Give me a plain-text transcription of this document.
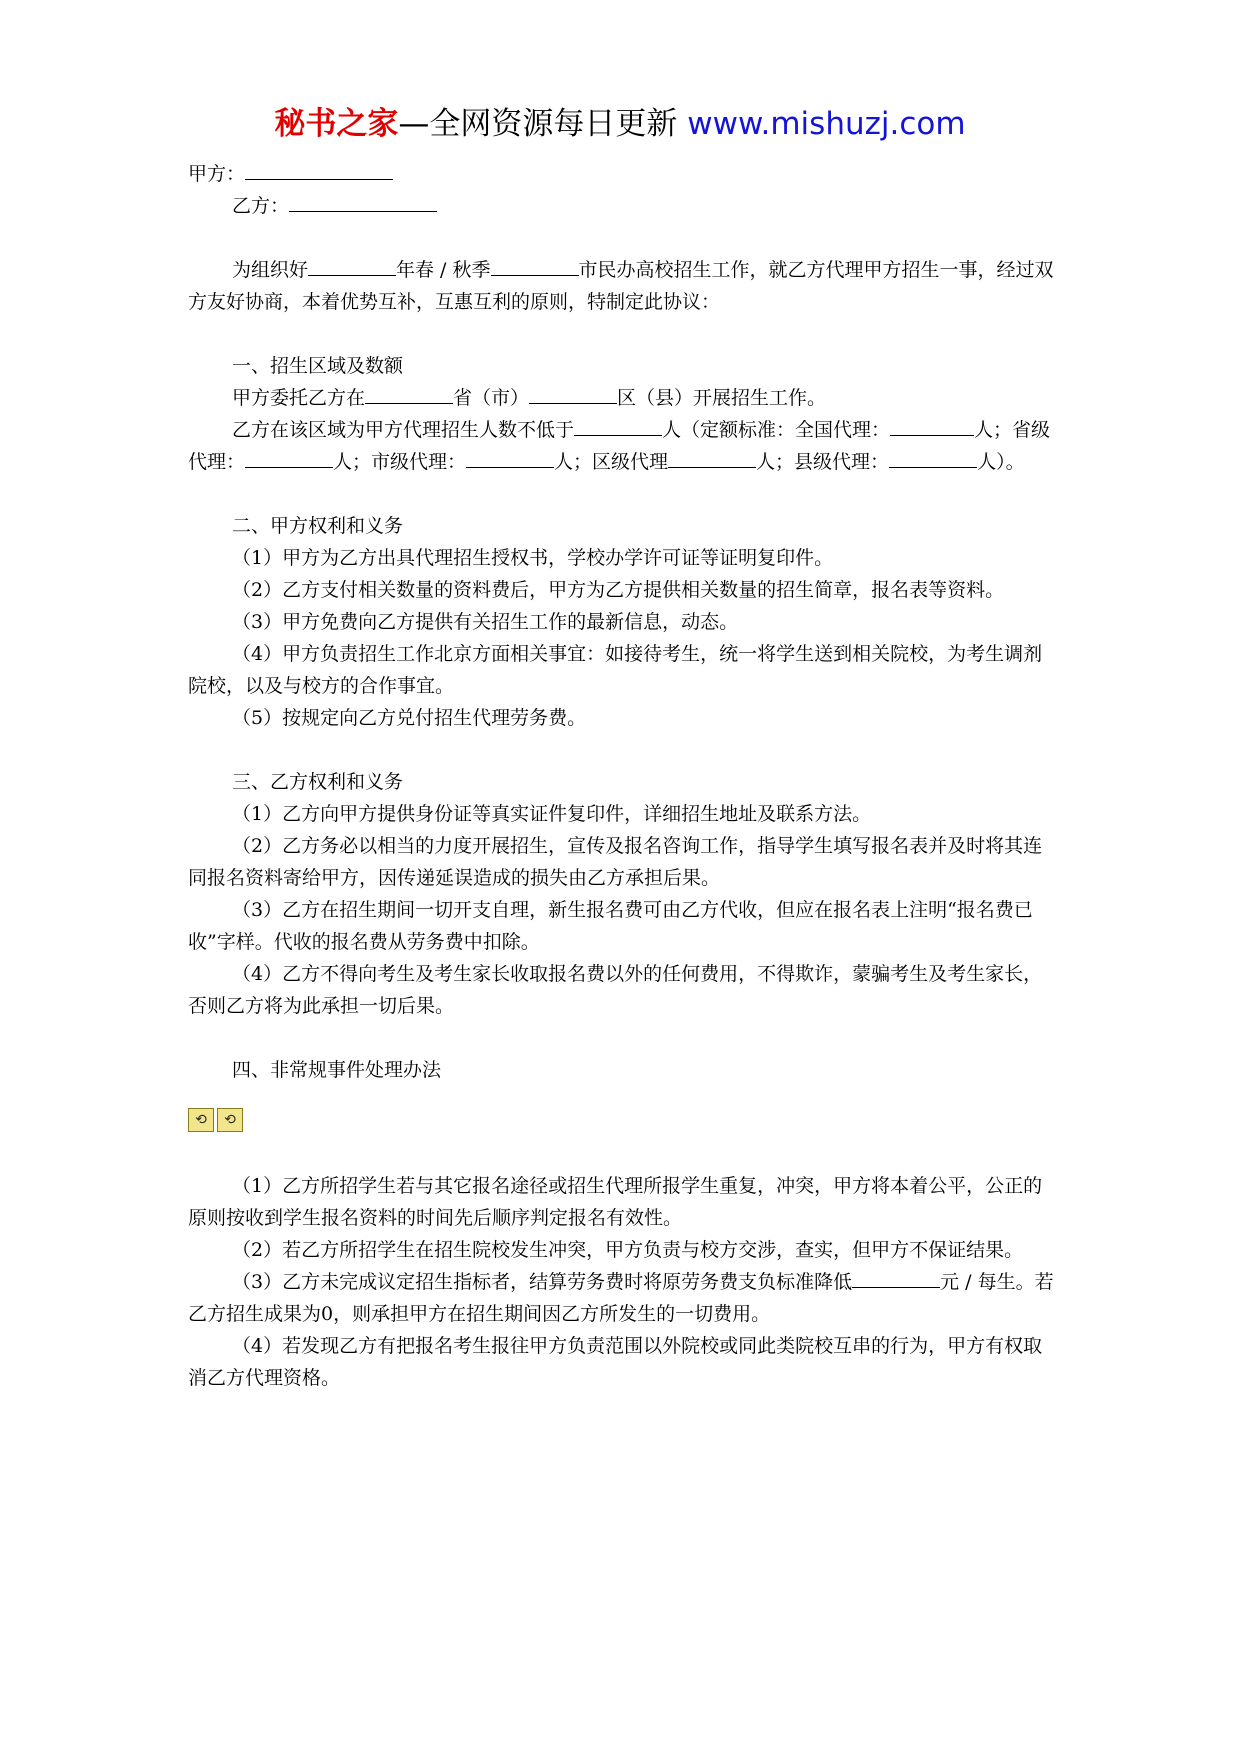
秘书之家—全网资源每日更新 www.mishuzj.com

甲方：

乙方：

为组织好	年春 / 秋季	市民办高校招生工作，就乙方代理甲方招生一事，经过双方友好协商，本着优势互补，互惠互利的原则，特制定此协议：

一、招生区域及数额

甲方委托乙方在	省（市）	区（县）开展招生工作。

乙方在该区域为甲方代理招生人数不低于	人（定额标准：全国代理：	人；省级代理：	人；市级代理：	人；区级代理	人；县级代理：	人）。

二、甲方权利和义务

（1）甲方为乙方出具代理招生授权书，学校办学许可证等证明复印件。

（2）乙方支付相关数量的资料费后，甲方为乙方提供相关数量的招生简章，报名表等资料。

（3）甲方免费向乙方提供有关招生工作的最新信息，动态。

（4）甲方负责招生工作北京方面相关事宜：如接待考生，统一将学生送到相关院校，为考生调剂院校，以及与校方的合作事宜。

（5）按规定向乙方兑付招生代理劳务费。

三、乙方权利和义务

（1）乙方向甲方提供身份证等真实证件复印件，详细招生地址及联系方法。

（2）乙方务必以相当的力度开展招生，宣传及报名咨询工作，指导学生填写报名表并及时将其连同报名资料寄给甲方，因传递延误造成的损失由乙方承担后果。

（3）乙方在招生期间一切开支自理，新生报名费可由乙方代收，但应在报名表上注明“报名费已收”字样。代收的报名费从劳务费中扣除。

（4）乙方不得向考生及考生家长收取报名费以外的任何费用，不得欺诈，蒙骗考生及考生家长，否则乙方将为此承担一切后果。

四、非常规事件处理办法

⟲	⟲

（1）乙方所招学生若与其它报名途径或招生代理所报学生重复，冲突，甲方将本着公平，公正的原则按收到学生报名资料的时间先后顺序判定报名有效性。

（2）若乙方所招学生在招生院校发生冲突，甲方负责与校方交涉，查实，但甲方不保证结果。

（3）乙方未完成议定招生指标者，结算劳务费时将原劳务费支负标准降低	元 / 每生。若乙方招生成果为0，则承担甲方在招生期间因乙方所发生的一切费用。

（4）若发现乙方有把报名考生报往甲方负责范围以外院校或同此类院校互串的行为，甲方有权取消乙方代理资格。
